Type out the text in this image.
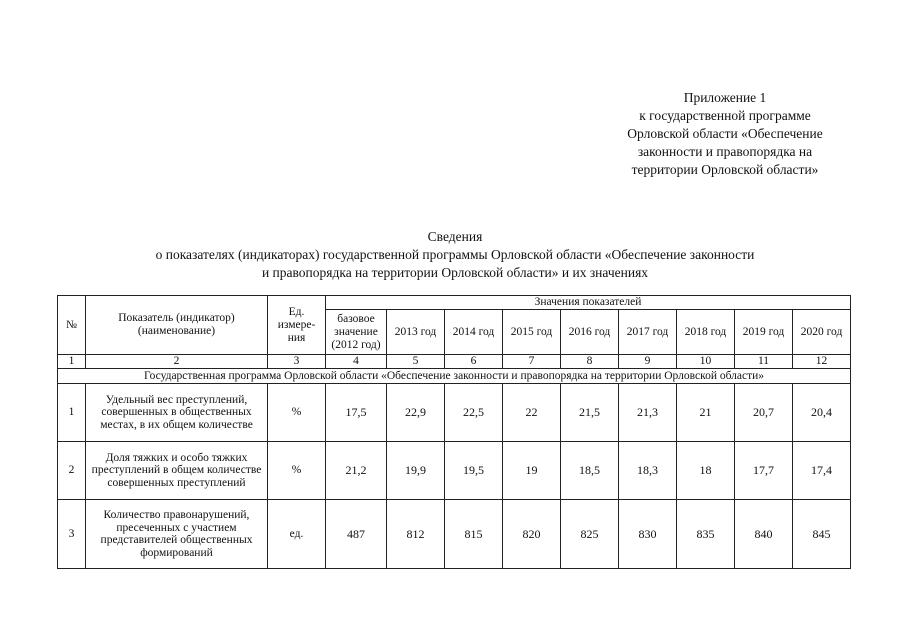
Приложение 1
к государственной программе
Орловской области «Обеспечение
законности и правопорядка на
территории Орловской области»
Сведения
о показателях (индикаторах) государственной программы Орловской области «Обеспечение законности
и правопорядка на территории Орловской области» и их значениях
№	Показатель (индикатор) (наименование)	Ед. измере-ния	Значения показателей								
			базовое значение (2012 год)	2013 год	2014 год	2015 год	2016 год	2017 год	2018 год	2019 год	2020 год
1	2	3	4	5	6	7	8	9	10	11	12
Государственная программа Орловской области «Обеспечение законности и правопорядка на территории Орловской области»											
1	Удельный вес преступлений, совершенных в общественных местах, в их общем количестве	%	17,5	22,9	22,5	22	21,5	21,3	21	20,7	20,4
2	Доля тяжких и особо тяжких преступлений в общем количестве совершенных преступлений	%	21,2	19,9	19,5	19	18,5	18,3	18	17,7	17,4
3	Количество правонарушений, пресеченных с участием представителей общественных формирований	ед.	487	812	815	820	825	830	835	840	845
